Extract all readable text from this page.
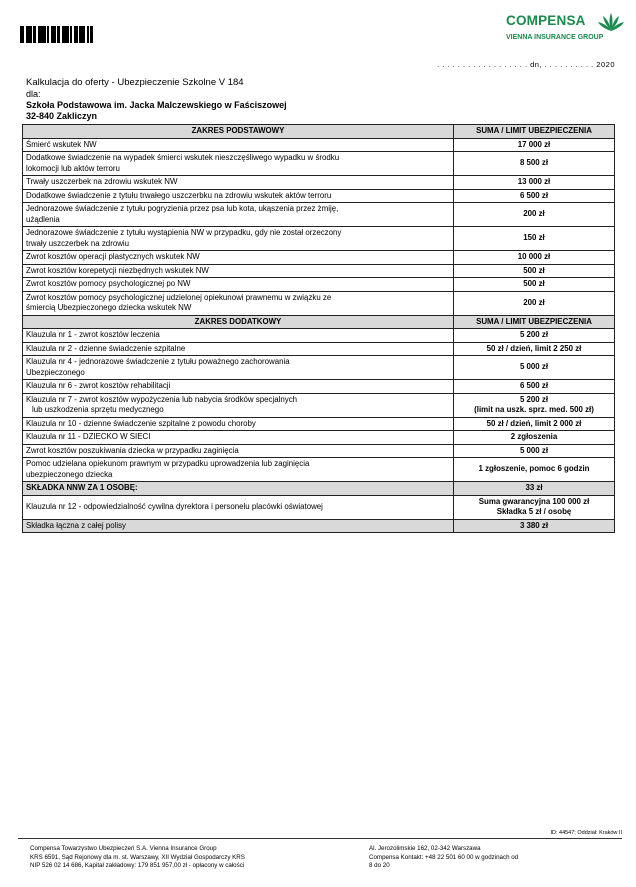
COMPENSA
VIENNA INSURANCE GROUP
. . . . . . . . . . . . . . . . . . dn, . . . . . . . . . . 2020
Kalkulacja do oferty - Ubezpieczenie Szkolne V 184
dla:
Szkoła Podstawowa im. Jacka Malczewskiego w Faściszowej
32-840 Zakliczyn
ZAKRES PODSTAWOWY	SUMA / LIMIT UBEZPIECZENIA

Śmierć wskutek NW	17 000 zł

Dodatkowe świadczenie na wypadek śmierci wskutek nieszczęśliwego wypadku w środku
lokomocji lub aktów terroru	8 500 zł

Trwały uszczerbek na zdrowiu wskutek NW	13 000 zł

Dodatkowe świadczenie z tytułu trwałego uszczerbku na zdrowiu wskutek aktów terroru	6 500 zł

Jednorazowe świadczenie z tytułu pogryzienia przez psa lub kota, ukąszenia przez żmiję,
użądlenia	200 zł

Jednorazowe świadczenie z tytułu wystąpienia NW w przypadku, gdy nie został orzeczony
trwały uszczerbek na zdrowiu	150 zł

Zwrot kosztów operacji plastycznych wskutek NW	10 000 zł

Zwrot kosztów korepetycji niezbędnych wskutek NW	500 zł

Zwrot kosztów pomocy psychologicznej po NW	500 zł

Zwrot kosztów pomocy psychologicznej udzielonej opiekunowi prawnemu w związku ze
śmiercią Ubezpieczonego dziecka wskutek NW	200 zł

ZAKRES DODATKOWY	SUMA / LIMIT UBEZPIECZENIA

Klauzula nr 1 - zwrot kosztów leczenia	5 200 zł

Klauzula nr 2 - dzienne świadczenie szpitalne	50 zł / dzień, limit 2 250 zł

Klauzula nr 4 - jednorazowe świadczenie z tytułu poważnego zachorowania
Ubezpieczonego	5 000 zł

Klauzula nr 6 - zwrot kosztów rehabilitacji	6 500 zł

Klauzula nr 7 - zwrot kosztów wypożyczenia lub nabycia środków specjalnych
lub uszkodzenia sprzętu medycznego	5 200 zł
(limit na uszk. sprz. med. 500 zł)

Klauzula nr 10 - dzienne świadczenie szpitalne z powodu choroby	50 zł / dzień, limit 2 000 zł

Klauzula nr 11 - DZIECKO W SIECI	2 zgłoszenia

Zwrot kosztów poszukiwania dziecka w przypadku zaginięcia	5 000 zł

Pomoc udzielana opiekunom prawnym w przypadku uprowadzenia lub zaginięcia
ubezpieczonego dziecka	1 zgłoszenie, pomoc 6 godzin

SKŁADKA NNW ZA 1 OSOBĘ:	33 zł
Klauzula nr 12 - odpowiedzialność cywilna dyrektora i personelu placówki oświatowej	Suma gwarancyjna 100 000 zł
Składka 5 zł / osobę

Składka łączna z całej polisy	3 380 zł
ID: 44547; Oddział: Kraków II
Compensa Towarzystwo Ubezpieczeń S.A. Vienna Insurance Group
KRS 6591, Sąd Rejonowy dla m. st. Warszawy, XII Wydział Gospodarczy KRS
NIP 526 02 14 686, Kapitał zakładowy: 179 851 957,00 zł - opłacony w całości
Al. Jerozolimskie 162, 02-342 Warszawa
Compensa Kontakt: +48 22 501 60 00 w godzinach od
8 do 20
